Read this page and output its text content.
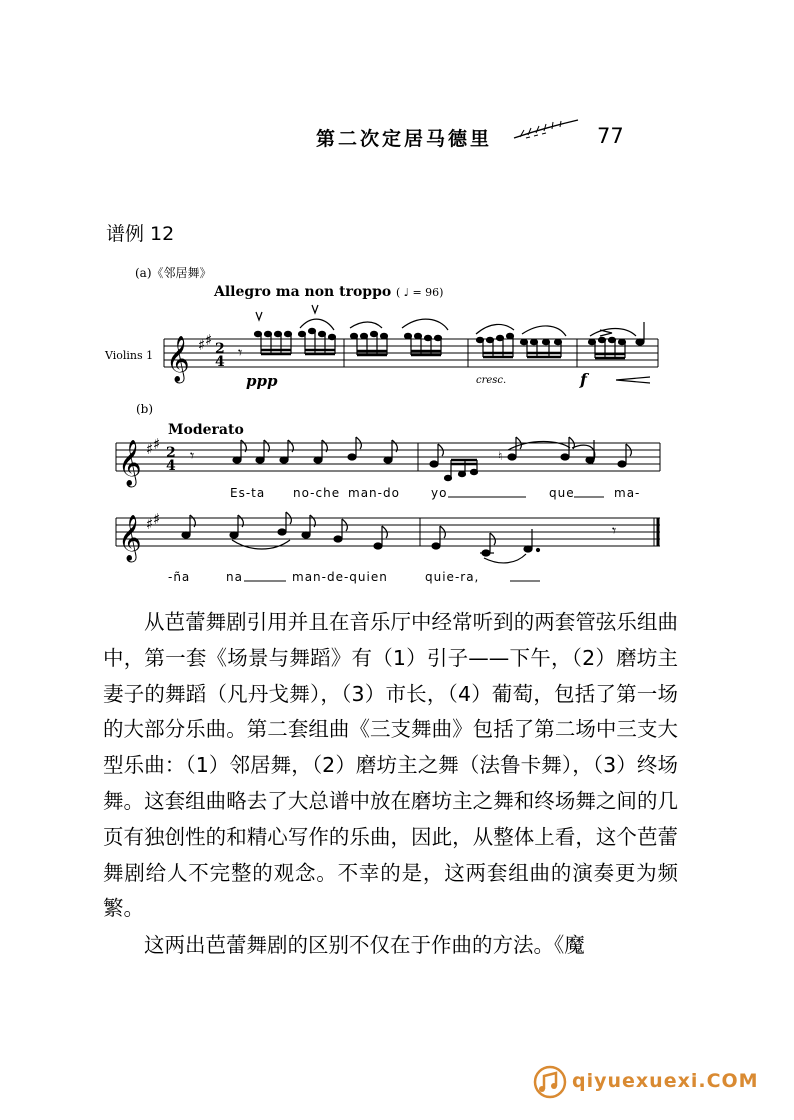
第二次定居马德里	77
谱例 12
(a)《邻居舞》
Allegro ma non troppo ( ♩ = 96)
Violins 1
ppp	cresc.	f
(b)
Moderato
Es-ta no-che man-do	yo	que	ma-
-ña	na	man-de-quien	quie-ra,
𝄞 ♯ ♯ 2
4
𝄞 ♯ ♯ 2
4
𝄞 ♯ ♯
𝄾
𝄾	♮
𝄾
从芭蕾舞剧引用并且在音乐厅中经常听到的两套管弦乐组曲中，第一套《场景与舞蹈》有（1）引子——下午，（2）磨坊主妻子的舞蹈（凡丹戈舞），（3）市长，（4）葡萄，包括了第一场的大部分乐曲。第二套组曲《三支舞曲》包括了第二场中三支大型乐曲：（1）邻居舞，（2）磨坊主之舞（法鲁卡舞），（3）终场舞。这套组曲略去了大总谱中放在磨坊主之舞和终场舞之间的几页有独创性的和精心写作的乐曲，因此，从整体上看，这个芭蕾舞剧给人不完整的观念。不幸的是，这两套组曲的演奏更为频繁。
这两出芭蕾舞剧的区别不仅在于作曲的方法。《魔
qiyuexuexi.COM
